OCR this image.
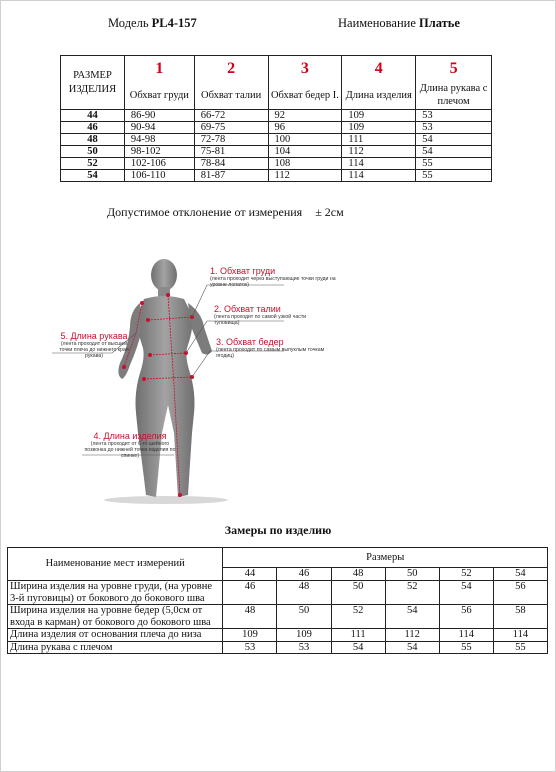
Модель PL4-157	Наименование Платье
РАЗМЕР ИЗДЕЛИЯ	1	2	3	4	5
	Обхват груди	Обхват талии	Обхват бедер I.	Длина изделия	Длина рукава с плечом
44	86-90	66-72	92	109	53
46	90-94	69-75	96	109	53
48	94-98	72-78	100	111	54
50	98-102	75-81	104	112	54
52	102-106	78-84	108	114	55
54	106-110	81-87	112	114	55
Допустимое отклонение от измерения ± 2см
1. Обхват груди
(лента проходит через выступающие точки груди на уровне лопаток)
2. Обхват талии
(лента проходит по самой узкой части туловища)
3. Обхват бедер
(лента проходит по самым выпуклым точкам ягодиц)
5. Длина рукава
(лента проходит от высшей точки плеча до нижнего края рукава)
4. Длина изделия
(лента проходит от 6-го шейного позвонка до нижней точки изделия по спинке)
Замеры по изделию
Наименование мест измерений	Размеры					
	44	46	48	50	52	54
Ширина изделия на уровне груди, (на уровне 3-й пуговицы) от бокового до бокового шва	46	48	50	52	54	56
Ширина изделия на уровне бедер (5,0см от входа в карман) от бокового до бокового шва	48	50	52	54	56	58
Длина изделия от основания плеча до низа	109	109	111	112	114	114
Длина рукава с плечом	53	53	54	54	55	55
